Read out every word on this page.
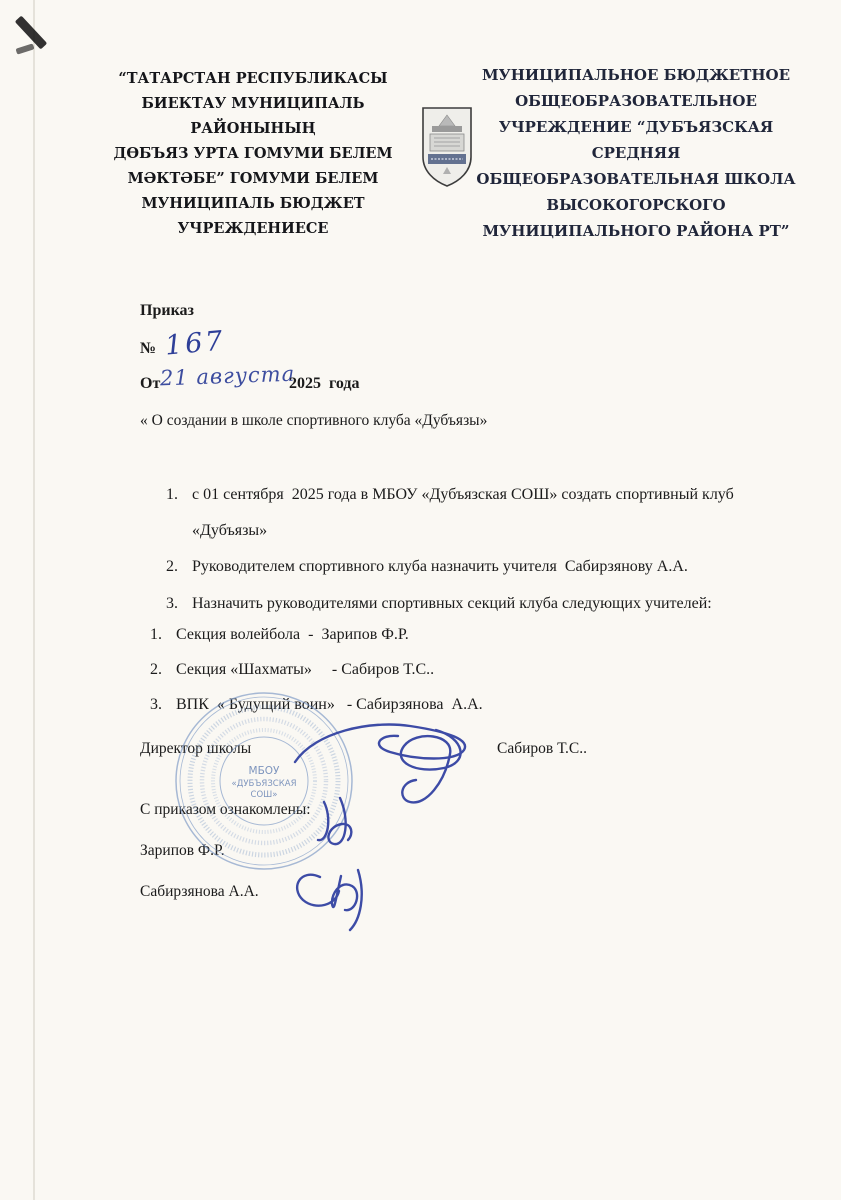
“ТАТАРСТАН РЕСПУБЛИКАСЫ
БИЕКТАУ МУНИЦИПАЛЬ
РАЙОНЫНЫҢ
ДӨБЪЯЗ УРТА ГОМУМИ БЕЛЕМ
МӘКТӘБЕ” ГОМУМИ БЕЛЕМ
МУНИЦИПАЛЬ БЮДЖЕТ
УЧРЕЖДЕНИЕСЕ
МУНИЦИПАЛЬНОЕ БЮДЖЕТНОЕ
ОБЩЕОБРАЗОВАТЕЛЬНОЕ
УЧРЕЖДЕНИЕ “ДУБЪЯЗСКАЯ
СРЕДНЯЯ
ОБЩЕОБРАЗОВАТЕЛЬНАЯ ШКОЛА
ВЫСОКОГОРСКОГО
МУНИЦИПАЛЬНОГО РАЙОНА РТ”
Приказ
№ 167
От 21 августа
2025  года
« О создании в школе спортивного клуба «Дубъязы»
1. с 01 сентября  2025 года в МБОУ «Дубъязская СОШ» создать спортивный клуб
«Дубъязы»
2. Руководителем спортивного клуба назначить учителя  Сабирзянову А.А.
3. Назначить руководителями спортивных секций клуба следующих учителей:
1. Секция волейбола  -  Зарипов Ф.Р.
2. Секция «Шахматы»     - Сабиров Т.С..
3. ВПК  « Будущий воин»   - Сабирзянова  А.А.
Директор школы	Сабиров Т.С..
С приказом ознакомлены:
Зарипов Ф.Р.
Сабирзянова А.А.
МБОУ
«ДУБЪЯЗСКАЯ
СОШ»
